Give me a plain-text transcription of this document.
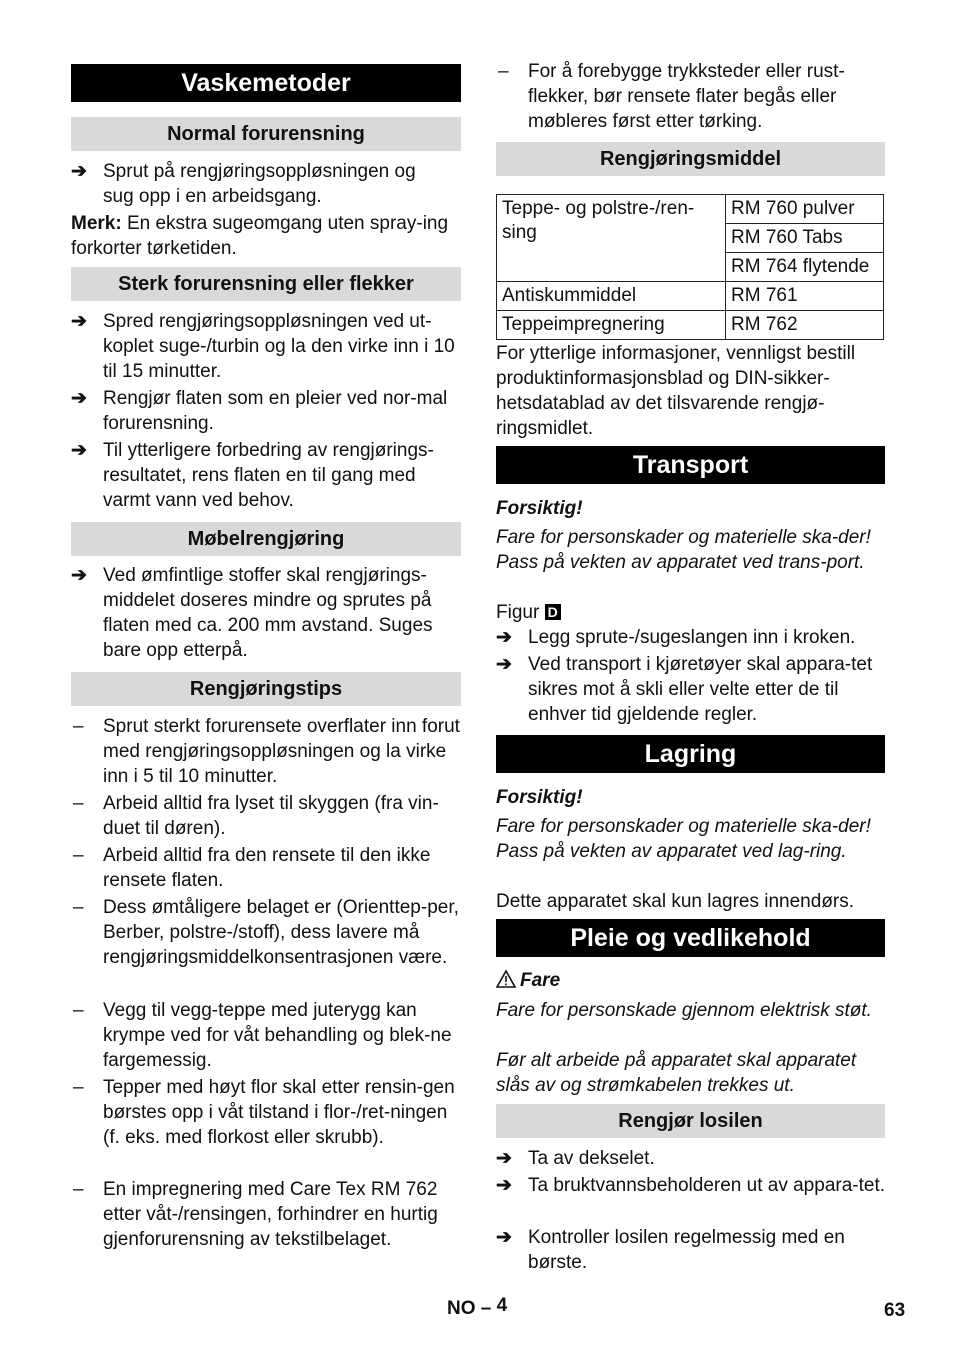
Vaskemetoder
Normal forurensning
➔ Sprut på rengjøringsoppløsningen og sug opp i en arbeidsgang.
Merk: En ekstra sugeomgang uten spray-ing forkorter tørketiden.
Sterk forurensning eller flekker
➔ Spred rengjøringsoppløsningen ved ut-koplet suge-/turbin og la den virke inn i 10 til 15 minutter.
➔ Rengjør flaten som en pleier ved nor-mal forurensning.
➔ Til ytterligere forbedring av rengjørings-resultatet, rens flaten en til gang med varmt vann ved behov.
Møbelrengjøring
➔ Ved ømfintlige stoffer skal rengjørings-middelet doseres mindre og sprutes på flaten med ca. 200 mm avstand. Suges bare opp etterpå.
Rengjøringstips
–	Sprut sterkt forurensete overflater inn forut med rengjøringsoppløsningen og la virke inn i 5 til 10 minutter.
–	Arbeid alltid fra lyset til skyggen (fra vin-duet til døren).
–	Arbeid alltid fra den rensete til den ikke rensete flaten.
–	Dess ømtåligere belaget er (Orienttep-per, Berber, polstre-/stoff), dess lavere må rengjøringsmiddelkonsentrasjonen være.
–	Vegg til vegg-teppe med juterygg kan krympe ved for våt behandling og blek-ne fargemessig.
–	Tepper med høyt flor skal etter rensin-gen børstes opp i våt tilstand i flor-/ret-ningen (f. eks. med florkost eller skrubb).
–	En impregnering med Care Tex RM 762 etter våt-/rensingen, forhindrer en hurtig gjenforurensning av tekstilbelaget.
–	For å forebygge trykksteder eller rust-flekker, bør rensete flater begås eller møbleres først etter tørking.
Rengjøringsmiddel
Teppe- og polstre-/ren-sing	RM 760 pulver
	RM 760 Tabs
	RM 764 flytende
Antiskummiddel	RM 761
Teppeimpregnering	RM 762
For ytterlige informasjoner, vennligst bestill produktinformasjonsblad og DIN-sikker-hetsdatablad av det tilsvarende rengjø-ringsmidlet.
Transport
Forsiktig!
Fare for personskader og materielle ska-der! Pass på vekten av apparatet ved trans-port.
Figur D
➔ Legg sprute-/sugeslangen inn i kroken.
➔ Ved transport i kjøretøyer skal appara-tet sikres mot å skli eller velte etter de til enhver tid gjeldende regler.
Lagring
Forsiktig!
Fare for personskader og materielle ska-der! Pass på vekten av apparatet ved lag-ring.
Dette apparatet skal kun lagres innendørs.
Pleie og vedlikehold
Fare
Fare for personskade gjennom elektrisk støt.
Før alt arbeide på apparatet skal apparatet slås av og strømkabelen trekkes ut.
Rengjør losilen
➔ Ta av dekselet.
➔ Ta bruktvannsbeholderen ut av appara-tet.
➔ Kontroller losilen regelmessig med en børste.
NO – 4	63
